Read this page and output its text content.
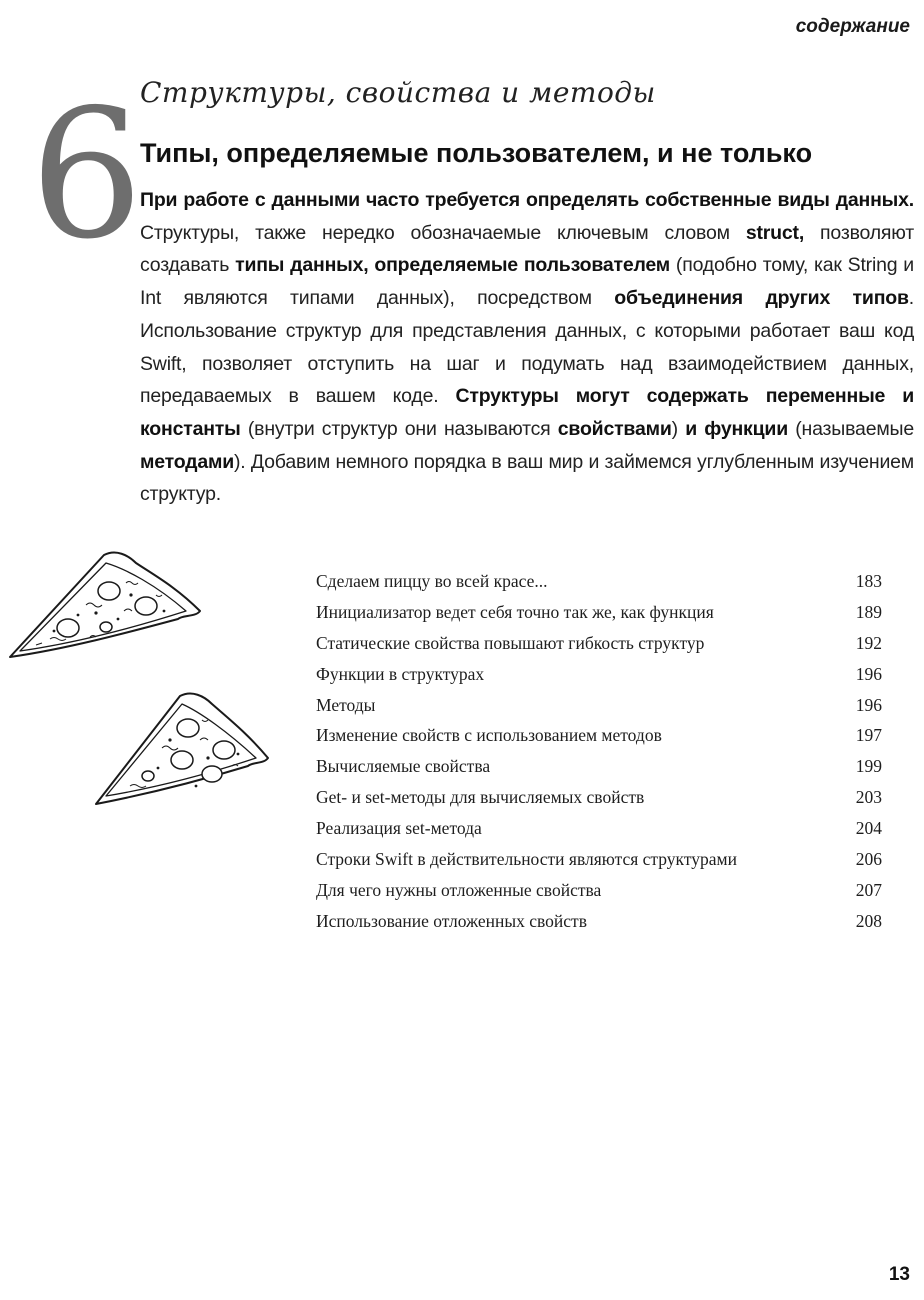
содержание
6
Структуры, свойства и методы
Типы, определяемые пользователем, и не только
При работе с данными часто требуется определять собственные виды данных. Структуры, также нередко обозначаемые ключевым словом struct, позволяют создавать типы данных, определяемые пользователем (подобно тому, как String и Int являются типами данных), посредством объединения других типов. Использование структур для представления данных, с которыми работает ваш код Swift, позволяет отступить на шаг и подумать над взаимодействием данных, передаваемых в вашем коде. Структуры могут содержать переменные и константы (внутри структур они называются свойствами) и функции (называемые методами). Добавим немного порядка в ваш мир и займемся углубленным изучением структур.
Сделаем пиццу во всей красе...	183
Инициализатор ведет себя точно так же, как функция	189
Статические свойства повышают гибкость структур	192
Функции в структурах	196
Методы	196
Изменение свойств с использованием методов	197
Вычисляемые свойства	199
Get- и set-методы для вычисляемых свойств	203
Реализация set-метода	204
Строки Swift в действительности являются структурами	206
Для чего нужны отложенные свойства	207
Использование отложенных свойств	208
13
